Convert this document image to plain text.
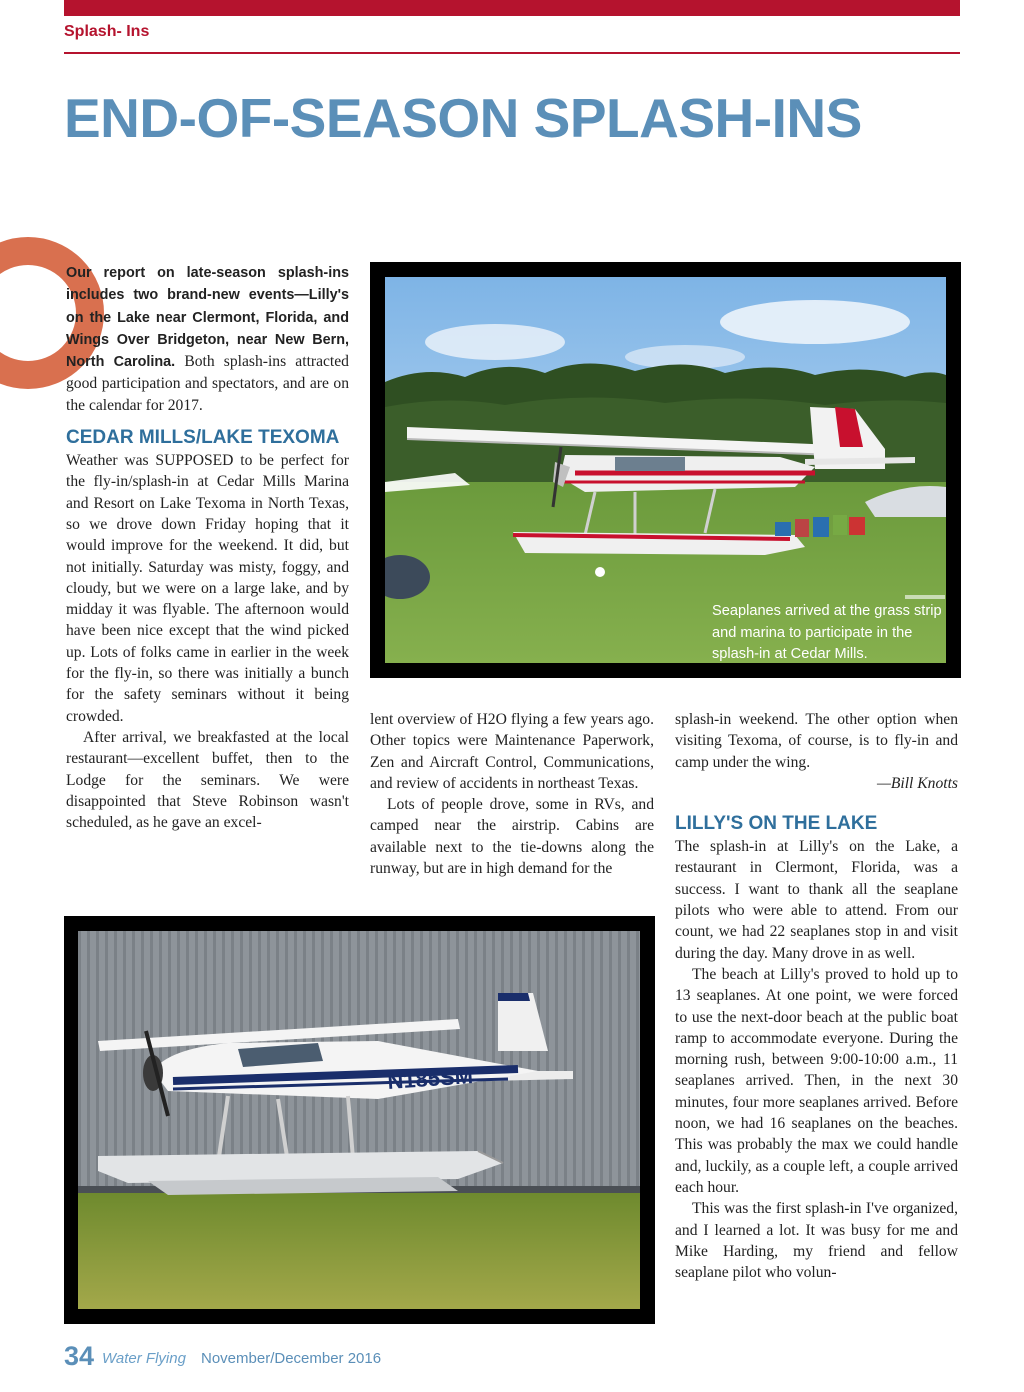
Splash- Ins
END-OF-SEASON SPLASH-INS

Our report on late-season splash-ins includes two brand-new events—Lilly's on the Lake near Clermont, Florida, and Wings Over Bridgeton, near New Bern, North Carolina. Both splash-ins attracted good participation and spectators, and are on the calendar for 2017.

CEDAR MILLS/LAKE TEXOMA

Weather was SUPPOSED to be perfect for the fly-in/splash-in at Cedar Mills Marina and Resort on Lake Texoma in North Texas, so we drove down Friday hoping that it would improve for the weekend. It did, but not initially. Saturday was misty, foggy, and cloudy, but we were on a large lake, and by midday it was flyable. The afternoon would have been nice except that the wind picked up. Lots of folks came in earlier in the week for the fly-in, so there was initially a bunch for the safety seminars without it being crowded.

After arrival, we breakfasted at the local restaurant—excellent buffet, then to the Lodge for the seminars. We were disappointed that Steve Robinson wasn't scheduled, as he gave an excel-

Seaplanes arrived at the grass strip and marina to participate in the splash-in at Cedar Mills.

lent overview of H2O flying a few years ago. Other topics were Maintenance Paperwork, Zen and Aircraft Control, Communications, and review of accidents in northeast Texas.

Lots of people drove, some in RVs, and camped near the airstrip. Cabins are available next to the tie-downs along the runway, but are in high demand for the

splash-in weekend. The other option when visiting Texoma, of course, is to fly-in and camp under the wing.

—Bill Knotts

LILLY'S ON THE LAKE

The splash-in at Lilly's on the Lake, a restaurant in Clermont, Florida, was a success. I want to thank all the seaplane pilots who were able to attend. From our count, we had 22 seaplanes stop in and visit during the day. Many drove in as well.

The beach at Lilly's proved to hold up to 13 seaplanes. At one point, we were forced to use the next-door beach at the public boat ramp to accommodate everyone. During the morning rush, between 9:00-10:00 a.m., 11 seaplanes arrived. Then, in the next 30 minutes, four more seaplanes arrived. Before noon, we had 16 seaplanes on the beaches. This was probably the max we could handle and, luckily, as a couple left, a couple arrived each hour.

This was the first splash-in I've organized, and I learned a lot. It was busy for me and Mike Harding, my friend and fellow seaplane pilot who volun-

N185SM
34 Water Flying November/December 2016
